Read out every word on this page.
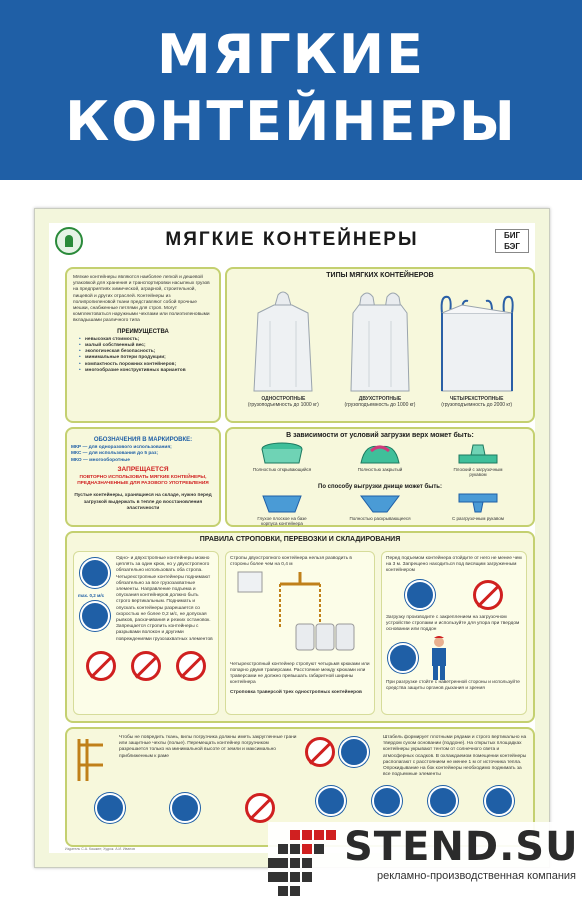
МЯГКИЕ
КОНТЕЙНЕРЫ
МЯГКИЕ КОНТЕЙНЕРЫ	БИГ БЭГ
Мягкие контейнеры являются наиболее легкой и дешевой упаковкой для хранения и транспортировки насыпных грузов на предприятиях химической, аграрной, строительной, пищевой и других отраслей. Контейнеры из полипропиленовой ткани представляют собой прочные мешки, снабженные петлями для строп. Могут комплектоваться наружными чехлами или полиэтиленовыми вкладышами различного типа
ПРЕИМУЩЕСТВА
• невысокая стоимость;
• малый собственный вес;
• экологическая безопасность;
• минимальные потери продукции;
• компактность порожних контейнеров;
• многообразие конструктивных вариантов
ТИПЫ МЯГКИХ КОНТЕЙНЕРОВ
ОДНОСТРОПНЫЕ
(грузоподъемность до 1000 кг)
ДВУХСТРОПНЫЕ
(грузоподъемность до 1000 кг)
ЧЕТЫРЕХСТРОПНЫЕ
(грузоподъемность до 2000 кг)
ОБОЗНАЧЕНИЯ В МАРКИРОВКЕ:
МКР — для одноразового использования;
МКС — для использования до 5 раз;
МКО — многооборотные
ЗАПРЕЩАЕТСЯ
ПОВТОРНО ИСПОЛЬЗОВАТЬ МЯГКИЕ КОНТЕЙНЕРЫ, ПРЕДНАЗНАЧЕННЫЕ ДЛЯ РАЗОВОГО УПОТРЕБЛЕНИЯ
Пустые контейнеры, хранящиеся на складе, нужно перед загрузкой выдержать в тепле до восстановления эластичности
В зависимости от условий загрузки верх может быть:
Полностью открывающийся	Полностью закрытый	Плоский с загрузочным рукавом
По способу выгрузки днище может быть:
Глухое плоское на базе корпуса контейнера
Полностью раскрывающееся	С разгрузочным рукавом
ПРАВИЛА СТРОПОВКИ, ПЕРЕВОЗКИ И СКЛАДИРОВАНИЯ
max. 0,2 м/с
Одно- и двухстропные контейнеры можно цеплять за один крюк, но у двухстропного обязательно использовать оба стропа. Четырехстропные контейнеры поднимают обязательно за все грузозахватные элементы. Направление подъема и опускания контейнеров должно быть строго вертикальным. Поднимать и опускать контейнеры разрешается со скоростью не более 0,2 м/с, не допуская рывков, раскачивания и резких остановок. Запрещается стропить контейнеры с разрывами волокон и другими повреждениями грузозахватных элементов
Стропы двухстропного контейнера нельзя разводить в стороны более чем на 0,4 м
Четырехстропный контейнер стропуют четырьмя крюками или попарно двумя траверсами. Расстояние между крюками или траверсами не должно превышать габаритной ширины контейнера
Строповка траверсой трех одностропных контейнеров
Перед подъемом контейнера отойдите от него не менее чем на 3 м. Запрещено находиться под висящим загруженным контейнером
Загрузку производите с закреплением на загрузочном устройстве стропами и используйте для упора при твердом основании или поддон
При разгрузке стойте с наветренной стороны и используйте средства защиты органов дыхания и зрения
Чтобы не повредить ткань, вилы погрузчика должны иметь закругленные грани или защитные чехлы (полые). Перемещать контейнер погрузчиком разрешается только на минимальной высоте от земли и максимально приближенным к раме
Штабель формирует плотными рядами и строго вертикально на твердом сухом основании (поддоне). На открытых площадках контейнеры укрывают тентом от солнечного света и атмосферных осадков. В охлаждаемом помещении контейнеры располагают с расстоянием не менее 1 м от источника тепла. Опрокидывание на бок контейнеры необходимо поднимать за все подъемные элементы
Издатель С.А. Кашкин; Худож. А.И. Иванов	STEND.SU
рекламно-производственная компания
